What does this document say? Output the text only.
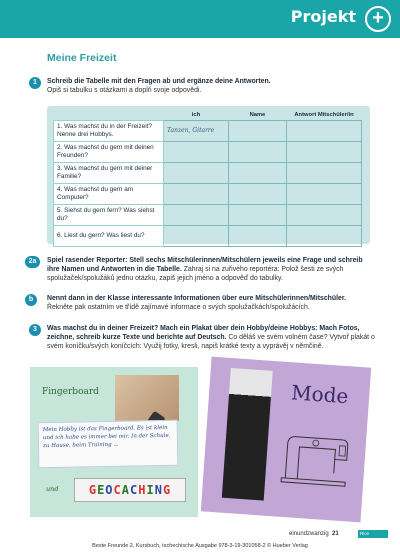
Projekt +
Meine Freizeit
1	Schreib die Tabelle mit den Fragen ab und ergänze deine Antworten.
Opiš si tabulku s otázkami a doplň svoje odpovědi.
	ich	Name	Antwort Mitschüler/in
1. Was machst du in der Freizeit? Nenne drei Hobbys.	Tanzen, Gitarre		
2. Was machst du gern mit deinen Freunden?			
3. Was machst du gern mit deiner Familie?			
4. Was machst du gern am Computer?			
5. Siehst du gern fern? Was siehst du?			
6. Liest du gern? Was liest du?			
2a	Spiel rasender Reporter: Stell sechs Mitschülerinnen/Mitschülern jeweils eine Frage und schreib ihre Namen und Antworten in die Tabelle. Zahraj si na zuřivého reportéra: Polož šesti ze svých spolužaček/spolužáků jednu otázku, zapiš jejich jméno a odpověď do tabulky.
b	Nennt dann in der Klasse interessante Informationen über eure Mitschülerinnen/Mitschüler.
Řekněte pak ostatním ve třídě zajímavé informace o svých spolužačkách/spolužácích.
3	Was machst du in deiner Freizeit? Mach ein Plakat über dein Hobby/deine Hobbys: Mach Fotos, zeichne, schreib kurze Texte und berichte auf Deutsch. Co děláš ve svém volném čase? Vytvoř plakát o svém koníčku/svých koníčcích: Využij fotky, kresli, napiš krátké texty a vyprávěj v němčině.
Fingerboard
Mein Hobby ist das Fingerboard. Es ist klein und ich habe es immer bei mir. In der Schule, zu Hause, beim Training ...
und	GEOCACHING
Mode
einundzwanzig 21	Rice
Beste Freunde 2, Kursbuch, tschechische Ausgabe 978-3-19-301058-2 © Hueber Verlag
